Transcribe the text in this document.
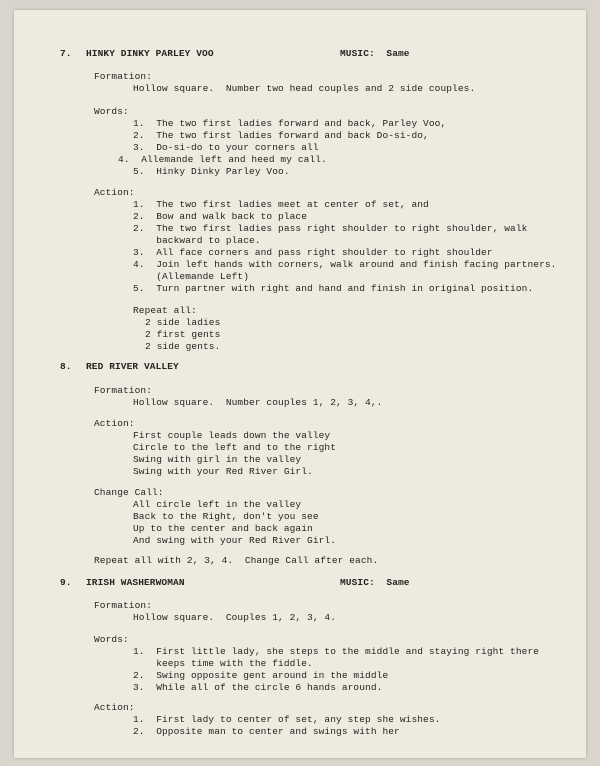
7. HINKY DINKY PARLEY VOO	MUSIC:  Same
Formation:
Hollow square.  Number two head couples and 2 side couples.
Words:
1.  The two first ladies forward and back, Parley Voo,
2.  The two first ladies forward and back Do-si-do,
3.  Do-si-do to your corners all
4.  Allemande left and heed my call.
5.  Hinky Dinky Parley Voo.
Action:
1.  The two first ladies meet at center of set, and
2.  Bow and walk back to place
2.  The two first ladies pass right shoulder to right shoulder, walk
backward to place.
3.  All face corners and pass right shoulder to right shoulder
4.  Join left hands with corners, walk around and finish facing partners.
(Allemande Left)
5.  Turn partner with right and hand and finish in original position.
Repeat all:
2 side ladies
2 first gents
2 side gents.
8. RED RIVER VALLEY
Formation:
Hollow square.  Number couples 1, 2, 3, 4,.
Action:
First couple leads down the valley
Circle to the left and to the right
Swing with girl in the valley
Swing with your Red River Girl.
Change Call:
All circle left in the valley
Back to the Right, don't you see
Up to the center and back again
And swing with your Red River Girl.
Repeat all with 2, 3, 4.  Change Call after each.
9. IRISH WASHERWOMAN	MUSIC:  Same
Formation:
Hollow square.  Couples 1, 2, 3, 4.
Words:
1.  First little lady, she steps to the middle and staying right there
keeps time with the fiddle.
2.  Swing opposite gent around in the middle
3.  While all of the circle 6 hands around.
Action:
1.  First lady to center of set, any step she wishes.
2.  Opposite man to center and swings with her
